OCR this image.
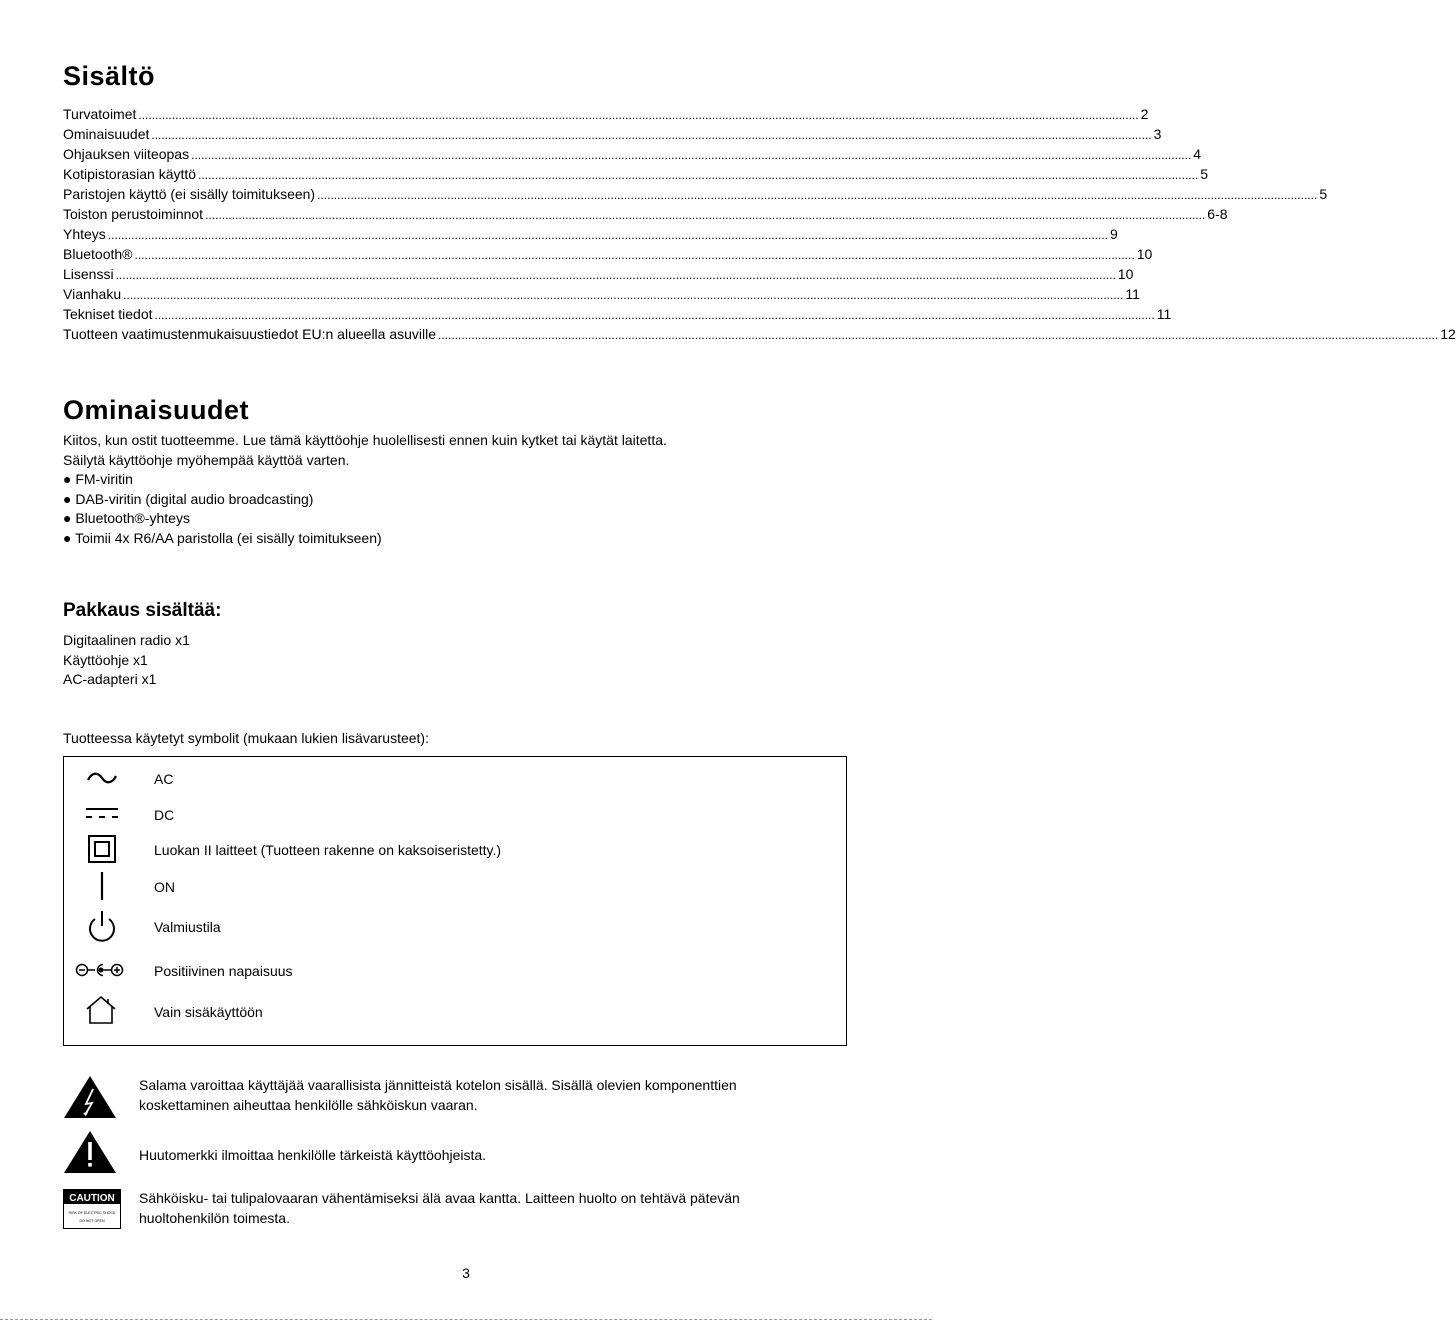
Sisältö
Turvatoimet ............................................................................................................................................................................................................................................................................................................ 2
Ominaisuudet ............................................................................................................................................................................................................................................................................................................ 3
Ohjauksen viiteopas ............................................................................................................................................................................................................................................................................................................ 4
Kotipistorasian käyttö ............................................................................................................................................................................................................................................................................................................ 5
Paristojen käyttö (ei sisälly toimitukseen) ............................................................................................................................................................................................................................................................................................................ 5
Toiston perustoiminnot ............................................................................................................................................................................................................................................................................................................ 6-8
Yhteys ............................................................................................................................................................................................................................................................................................................ 9
Bluetooth® ............................................................................................................................................................................................................................................................................................................ 10
Lisenssi ............................................................................................................................................................................................................................................................................................................ 10
Vianhaku ............................................................................................................................................................................................................................................................................................................ 11
Tekniset tiedot ............................................................................................................................................................................................................................................................................................................ 11
Tuotteen vaatimustenmukaisuustiedot EU:n alueella asuville ............................................................................................................................................................................................................................................................................................................ 12
Ominaisuudet
Kiitos, kun ostit tuotteemme. Lue tämä käyttöohje huolellisesti ennen kuin kytket tai käytät laitetta.
Säilytä käyttöohje myöhempää käyttöä varten.
● FM-viritin
● DAB-viritin (digital audio broadcasting)
● Bluetooth®-yhteys
● Toimii 4x R6/AA paristolla (ei sisälly toimitukseen)
Pakkaus sisältää:
Digitaalinen radio x1
Käyttöohje x1
AC-adapteri x1
Tuotteessa käytetyt symbolit (mukaan lukien lisävarusteet):
AC
DC
Luokan II laitteet (Tuotteen rakenne on kaksoiseristetty.)
ON
Valmiustila
Positiivinen napaisuus
Vain sisäkäyttöön
Salama varoittaa käyttäjää vaarallisista jännitteistä kotelon sisällä. Sisällä olevien komponenttien
koskettaminen aiheuttaa henkilölle sähköiskun vaaran.
Huutomerkki ilmoittaa henkilölle tärkeistä käyttöohjeista.
CAUTION
RISK OF ELECTRIC SHOCK
DO NOT OPEN
Sähköisku- tai tulipalovaaran vähentämiseksi älä avaa kantta. Laitteen huolto on tehtävä pätevän
huoltohenkilön toimesta.
3
